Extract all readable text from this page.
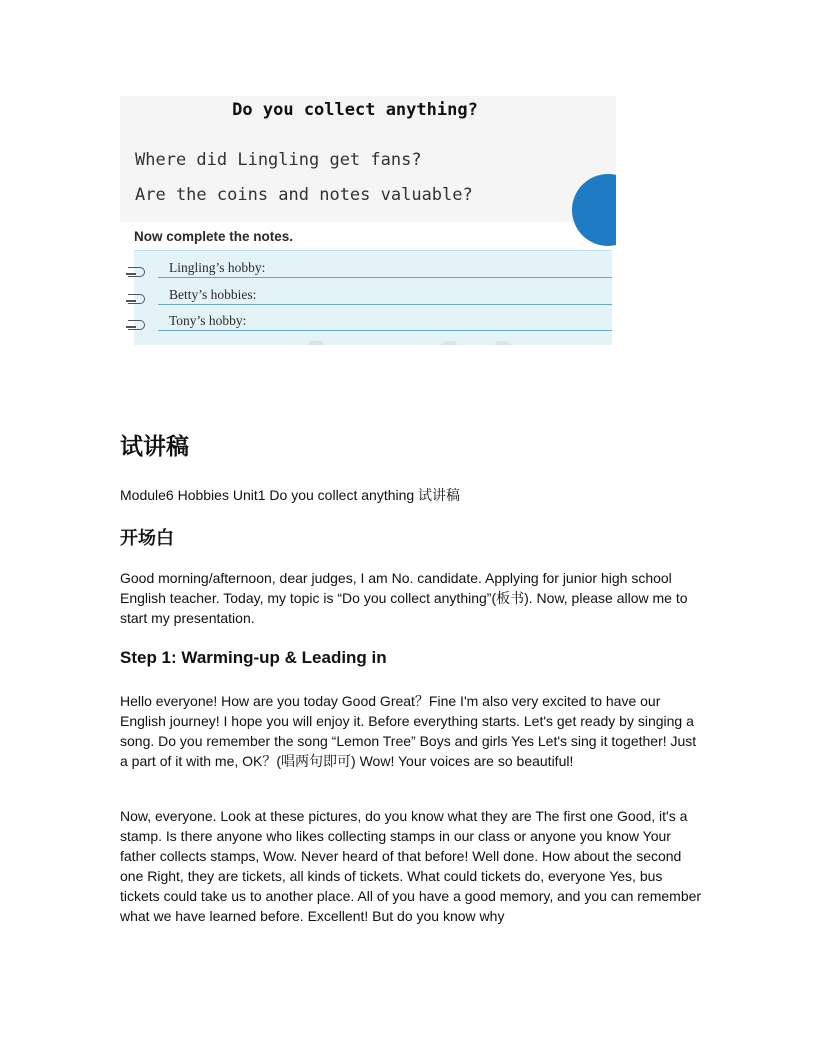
Do you collect anything?
Where did Lingling get fans?
Are the coins and notes valuable?
Now complete the notes.
Lingling’s hobby:
Betty’s hobbies:
Tony’s hobby:
试讲稿
Module6 Hobbies Unit1 Do you collect anything 试讲稿
开场白

Good morning/afternoon, dear judges, I am No. candidate. Applying for junior high school English teacher. Today, my topic is “Do you collect anything”(板书). Now, please allow me to start my presentation.

Step 1: Warming-up & Leading in

Hello everyone! How are you today Good Great？Fine I'm also very excited to have our English journey! I hope you will enjoy it. Before everything starts. Let's get ready by singing a song. Do you remember the song “Lemon Tree” Boys and girls Yes Let's sing it together! Just a part of it with me, OK？(唱两句即可) Wow! Your voices are so beautiful!

Now, everyone. Look at these pictures, do you know what they are The first one Good, it's a stamp. Is there anyone who likes collecting stamps in our class or anyone you know Your father collects stamps, Wow. Never heard of that before! Well done. How about the second one Right, they are tickets, all kinds of tickets. What could tickets do, everyone Yes, bus tickets could take us to another place. All of you have a good memory, and you can remember what we have learned before. Excellent! But do you know why
